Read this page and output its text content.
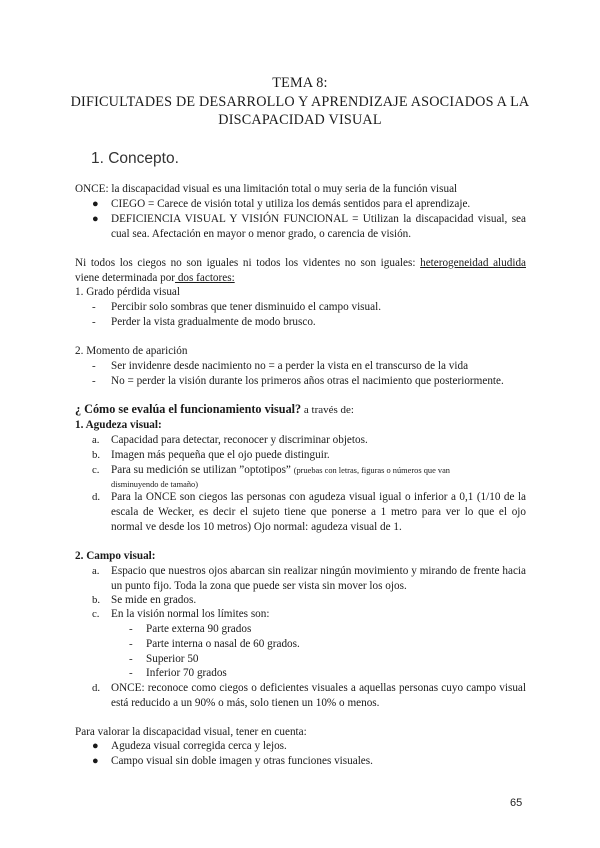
TEMA 8:
DIFICULTADES DE DESARROLLO Y APRENDIZAJE ASOCIADOS A LA
DISCAPACIDAD VISUAL
1. Concepto.

ONCE: la discapacidad visual es una limitación total o muy seria de la función visual

● CIEGO = Carece de visión total y utiliza los demás sentidos para el aprendizaje.

● DEFICIENCIA VISUAL Y VISIÓN FUNCIONAL = Utilizan la discapacidad visual, sea cual sea. Afectación en mayor o menor grado, o carencia de visión.

Ni todos los ciegos no son iguales ni todos los videntes no son iguales: heterogeneidad aludida

viene determinada por dos factores:

1. Grado pérdida visual

- Percibir solo sombras que tener disminuido el campo visual.

- Perder la vista gradualmente de modo brusco.

2. Momento de aparición

- Ser invidenre desde nacimiento no = a perder la vista en el transcurso de la vida

- No = perder la visión durante los primeros años otras el nacimiento que posteriormente.

¿ Cómo se evalúa el funcionamiento visual? a través de:

1. Agudeza visual:

a. Capacidad para detectar, reconocer y discriminar objetos.

b. Imagen más pequeña que el ojo puede distinguir.

c. Para su medición se utilizan ”optotipos” (pruebas con letras, figuras o números que van

disminuyendo de tamaño)

d. Para la ONCE son ciegos las personas con agudeza visual igual o inferior a 0,1 (1/10 de la escala de Wecker, es decir el sujeto tiene que ponerse a 1 metro para ver lo que el ojo normal ve desde los 10 metros) Ojo normal: agudeza visual de 1.

2. Campo visual:

a. Espacio que nuestros ojos abarcan sin realizar ningún movimiento y mirando de frente hacia un punto fijo. Toda la zona que puede ser vista sin mover los ojos.

b. Se mide en grados.

c. En la visión normal los límites son:

- Parte externa 90 grados

- Parte interna o nasal de 60 grados.

- Superior 50

- Inferior 70 grados

d. ONCE: reconoce como ciegos o deficientes visuales a aquellas personas cuyo campo visual está reducido a un 90% o más, solo tienen un 10% o menos.

Para valorar la discapacidad visual, tener en cuenta:

● Agudeza visual corregida cerca y lejos.

● Campo visual sin doble imagen y otras funciones visuales.

65
